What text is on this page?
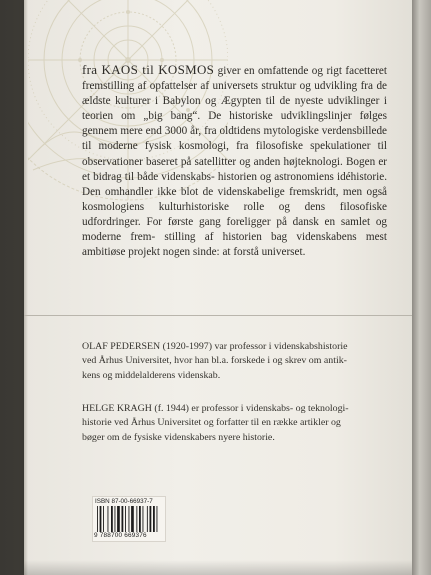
fra KAOS til KOSMOS giver en omfattende og rigt facetteret fremstilling af opfattelser af universets struktur og udvikling fra de ældste kulturer i Babylon og Ægypten til de nyeste udviklinger i teorien om „big bang“. De historiske udviklingslinjer følges gennem mere end 3000 år, fra oldtidens mytologiske verdensbillede til moderne fysisk kosmologi, fra filosofiske spekulationer til observationer baseret på satellitter og anden højteknologi. Bogen er et bidrag til både videnskabs- historien og astronomiens idéhistorie. Den omhandler ikke blot de videnskabelige fremskridt, men også kosmologiens kulturhistoriske rolle og dens filosofiske udfordringer. For første gang foreligger på dansk en samlet og moderne frem- stilling af historien bag videnskabens mest ambitiøse projekt nogen sinde: at forstå universet.
OLAF PEDERSEN (1920-1997) var professor i videnskabshistorie
ved Århus Universitet, hvor han bl.a. forskede i og skrev om antik-
kens og middelalderens videnskab.
HELGE KRAGH (f. 1944) er professor i videnskabs- og teknologi-
historie ved Århus Universitet og forfatter til en række artikler og
bøger om de fysiske videnskabers nyere historie.
ISBN 87-00-66937-7
9 788700 669376
